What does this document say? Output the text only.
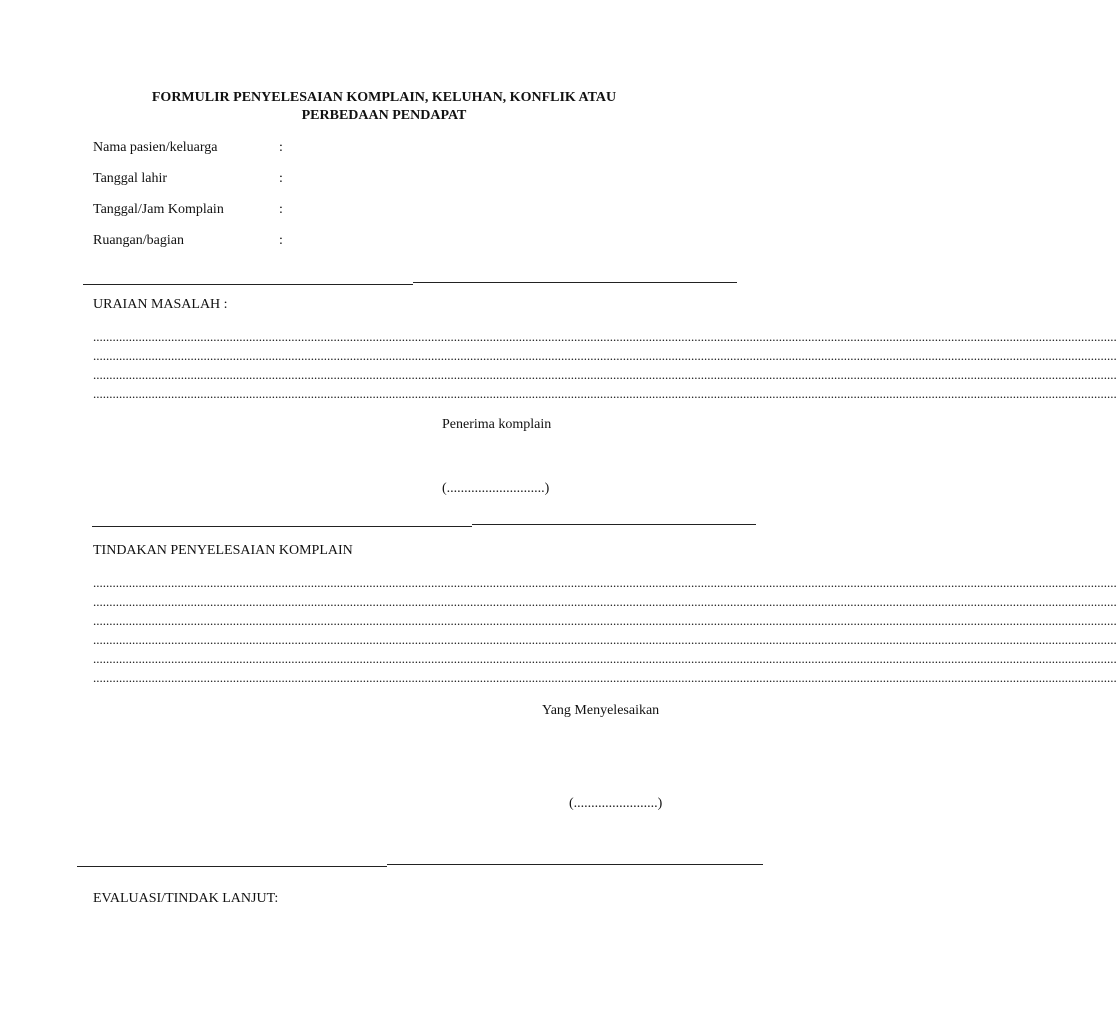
FORMULIR PENYELESAIAN KOMPLAIN, KELUHAN, KONFLIK ATAU
PERBEDAAN PENDAPAT
Nama pasien/keluarga	:
Tanggal lahir	:
Tanggal/Jam Komplain	:
Ruangan/bagian	:
URAIAN MASALAH :
...........................................................................................................................................................................................................................................................................................................................
...........................................................................................................................................................................................................................................................................................................................
...........................................................................................................................................................................................................................................................................................................................
...........................................................................................................................................................................................................................................................................................................................
Penerima komplain
(............................)
TINDAKAN PENYELESAIAN KOMPLAIN
...........................................................................................................................................................................................................................................................................................................................
...........................................................................................................................................................................................................................................................................................................................
...........................................................................................................................................................................................................................................................................................................................
...........................................................................................................................................................................................................................................................................................................................
...........................................................................................................................................................................................................................................................................................................................
...........................................................................................................................................................................................................................................................................................................................
Yang Menyelesaikan
(........................)
EVALUASI/TINDAK LANJUT:
